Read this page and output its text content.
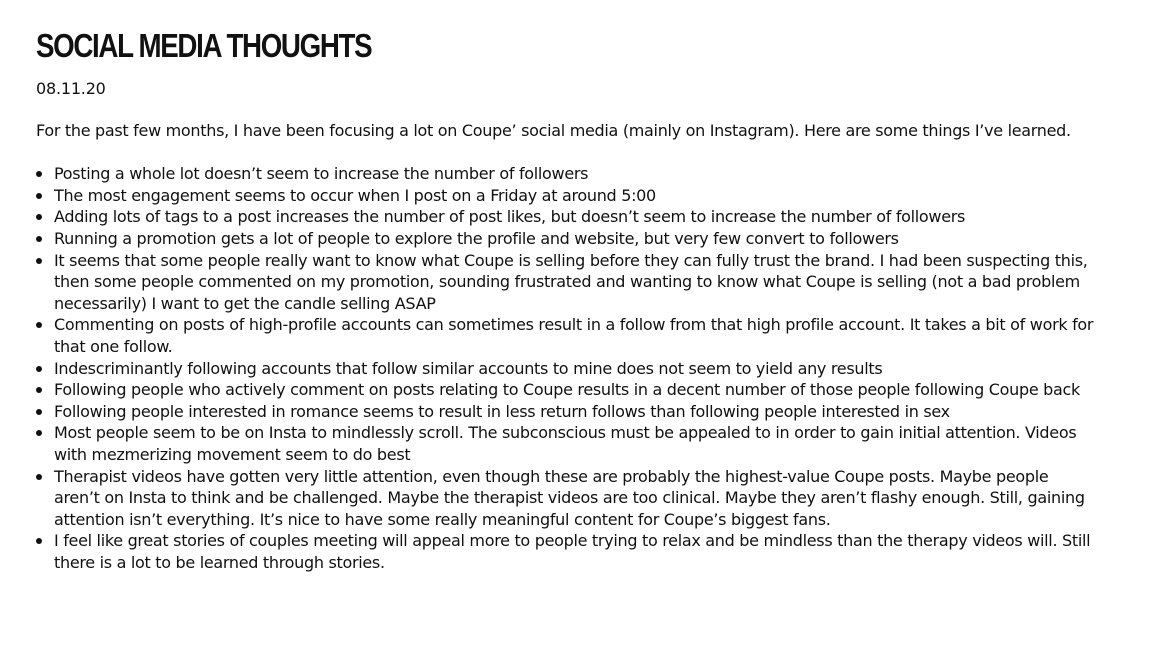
SOCIAL MEDIA THOUGHTS
08.11.20

For the past few months, I have been focusing a lot on Coupe’ social media (mainly on Instagram). Here are some things I’ve learned.

Posting a whole lot doesn’t seem to increase the number of followers
The most engagement seems to occur when I post on a Friday at around 5:00
Adding lots of tags to a post increases the number of post likes, but doesn’t seem to increase the number of followers
Running a promotion gets a lot of people to explore the profile and website, but very few convert to followers
It seems that some people really want to know what Coupe is selling before they can fully trust the brand. I had been suspecting this, then some people commented on my promotion, sounding frustrated and wanting to know what Coupe is selling (not a bad problem necessarily) I want to get the candle selling ASAP
Commenting on posts of high-profile accounts can sometimes result in a follow from that high profile account. It takes a bit of work for that one follow.
Indescriminantly following accounts that follow similar accounts to mine does not seem to yield any results
Following people who actively comment on posts relating to Coupe results in a decent number of those people following Coupe back
Following people interested in romance seems to result in less return follows than following people interested in sex
Most people seem to be on Insta to mindlessly scroll. The subconscious must be appealed to in order to gain initial attention. Videos with mezmerizing movement seem to do best
Therapist videos have gotten very little attention, even though these are probably the highest-value Coupe posts. Maybe people aren’t on Insta to think and be challenged. Maybe the therapist videos are too clinical. Maybe they aren’t flashy enough. Still, gaining attention isn’t everything. It’s nice to have some really meaningful content for Coupe’s biggest fans.
I feel like great stories of couples meeting will appeal more to people trying to relax and be mindless than the therapy videos will. Still there is a lot to be learned through stories.
